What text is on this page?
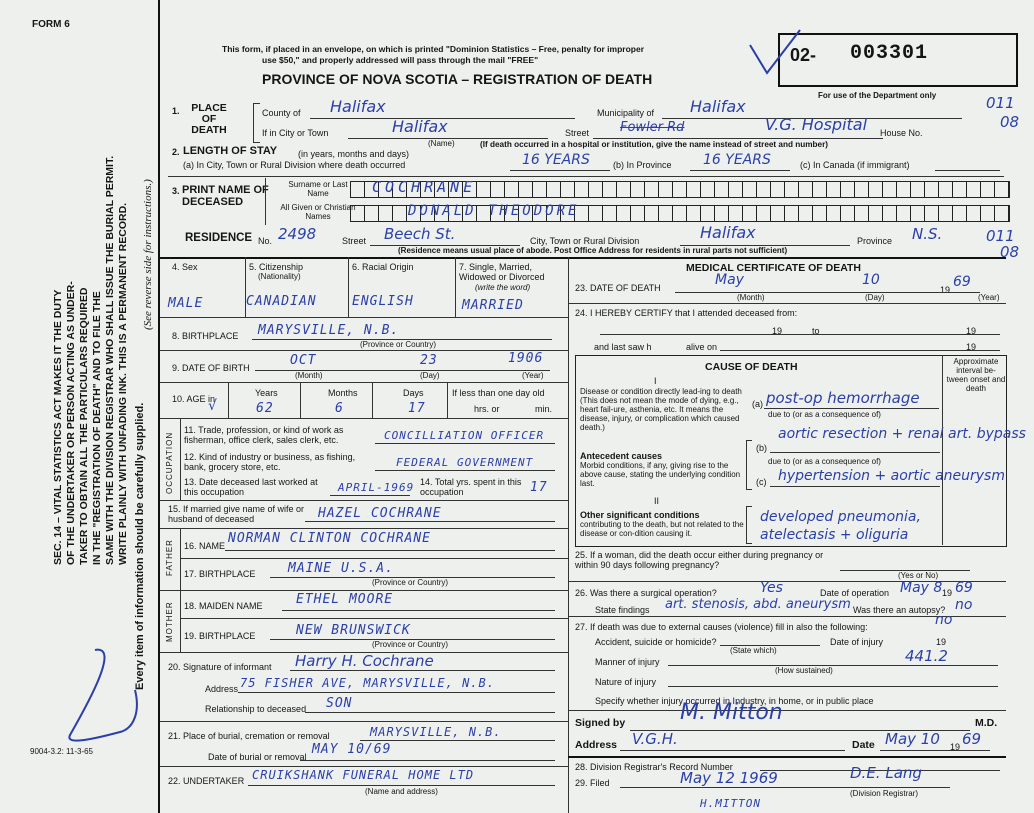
FORM 6
SEC. 14 – VITAL STATISTICS ACT MAKES IT THE DUTY OF THE UNDERTAKER OR PERSON ACTING AS UNDER- TAKER TO OBTAIN ALL THE PARTICULARS REQUIRED IN THE "REGISTRATION OF DEATH" AND TO FILE THE SAME WITH THE DIVISION REGISTRAR WHO SHALL ISSUE THE BURIAL PERMIT. WRITE PLAINLY WITH UNFADING INK. THIS IS A PERMANENT RECORD. Every item of information should be carefully supplied.
(See reverse side for instructions.)
9004-3.2: 11-3-65
This form, if placed in an envelope, on which is printed "Dominion Statistics – Free, penalty for improper
use $50," and properly addressed will pass through the mail "FREE"
PROVINCE OF NOVA SCOTIA – REGISTRATION OF DEATH
02- 003301
For use of the Department only	011
08
011
08
1.	PLACE OF DEATH
County of Halifax	Municipality of Halifax
If in City or Town	Halifax
(Name)
Street Fowler Rd	V.G. Hospital House No.
(If death occurred in a hospital or institution, give the name instead of street and number)
2. LENGTH OF STAY (in years, months and days)
(a) In City, Town or Rural Division where death occurred	16 YEARS	(b) In Province 16 YEARS	(c) In Canada (if immigrant)
3. PRINT NAME OF DECEASED
Surname or Last Name
All Given or Christian Names
COCHRANE
DONALD THEODORE
RESIDENCE No. 2498	Street Beech St.	City, Town or Rural Division	Halifax	Province N.S.
(Residence means usual place of abode. Post Office Address for residents in rural parts not sufficient)
4. Sex	5. Citizenship
(Nationality)
6. Racial Origin	7. Single, Married, Widowed or Divorced
(write the word)
MALE	CANADIAN	ENGLISH	MARRIED
8. BIRTHPLACE MARYSVILLE, N.B.
(Province or Country)
9. DATE OF BIRTH	OCT	23	1906
(Month)	(Day)	(Year)
10. AGE in
√
Years
62
Months
6
Days
17
If less than one day old
hrs. or	min.
OCCUPATION
11. Trade, profession, or kind of work as fisherman, office clerk, sales clerk, etc.	CONCILLIATION OFFICER
12. Kind of industry or business, as fishing, bank, grocery store, etc.	FEDERAL GOVERNMENT
13. Date deceased last worked at this occupation	APRIL-1969 14. Total yrs. spent in this occupation	17
15. If married give name of wife or husband of deceased	HAZEL COCHRANE
FATHER 16. NAME NORMAN CLINTON COCHRANE
17. BIRTHPLACE	MAINE U.S.A.
(Province or Country)
MOTHER 18. MAIDEN NAME	ETHEL MOORE
19. BIRTHPLACE	NEW BRUNSWICK
(Province or Country)
20. Signature of informant Harry H. Cochrane
Address 75 FISHER AVE, MARYSVILLE, N.B.
Relationship to deceased SON
21. Place of burial, cremation or removal	MARYSVILLE, N.B.
Date of burial or removal MAY 10/69
22. UNDERTAKER CRUIKSHANK FUNERAL HOME LTD
(Name and address)
MEDICAL CERTIFICATE OF DEATH
23. DATE OF DEATH	May	10
19 69
(Month)	(Day)	(Year)
24. I HEREBY CERTIFY that I attended deceased from:
19	to	19
and last saw h	alive on	19
CAUSE OF DEATH	Approximate interval be-tween onset and death
I
Disease or condition directly lead-ing to death (This does not mean the mode of dying, e.g., heart fail-ure, asthenia, etc. It means the disease, injury, or complication which caused death.)
(a) post-op hemorrhage
due to (or as a consequence of)
Antecedent causes
Morbid conditions, if any, giving rise to the above cause, stating the underlying condition last.
(b)
aortic resection + renal art. bypass
due to (or as a consequence of)
(c) hypertension + aortic aneurysm
II
Other significant conditions
contributing to the death, but not related to the disease or con-dition causing it.
developed pneumonia, atelectasis + oliguria
25. If a woman, did the death occur either during pregnancy or within 90 days following pregnancy?
(Yes or No)
26. Was there a surgical operation?	Yes	Date of operation May 8 19 69
State findings art. stenosis, abd. aneurysm Was there an autopsy? no
27. If death was due to external causes (violence) fill in also the following:	no
Accident, suicide or homicide?	Date of injury	19
(State which)	441.2
Manner of injury
(How sustained)
Nature of injury
Specify whether injury occurred in Industry, in home, or in public place
Signed by M. Mitton	M.D.
Address V.G.H.	Date May 10 19 69
28. Division Registrar's Record Number
29. Filed	May 12 1969	D.E. Lang
(Division Registrar)
H.MITTON
